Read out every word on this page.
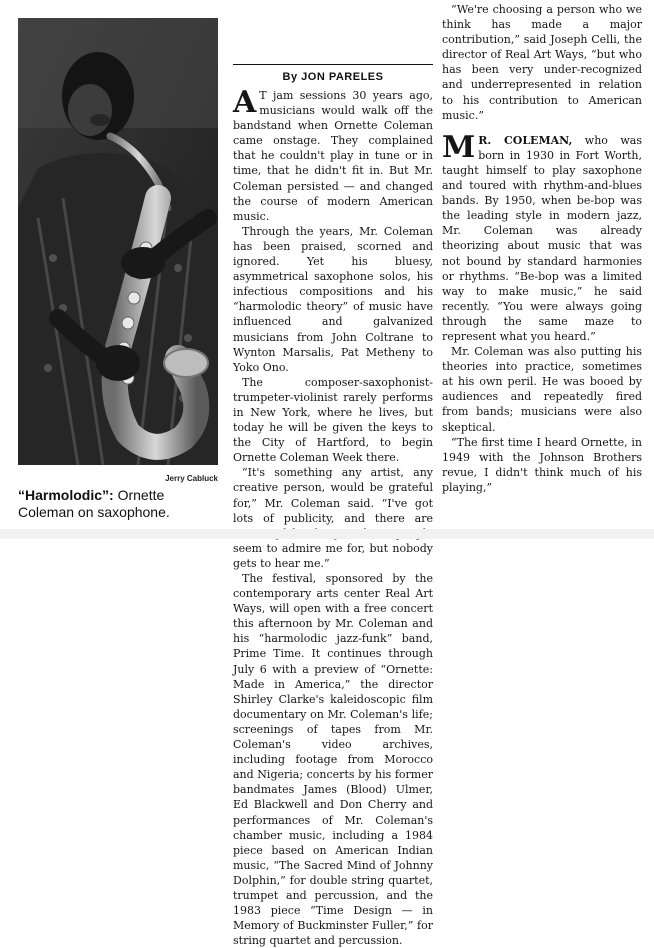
Jerry Cabluck
“Harmolodic”: Ornette Coleman on saxophone.
By JON PARELES

A T jam sessions 30 years ago, musicians would walk off the bandstand when Ornette Coleman came onstage. They complained that he couldn't play in tune or in time, that he didn't fit in. But Mr. Coleman persisted — and changed the course of modern American music.

Through the years, Mr. Coleman has been praised, scorned and ignored. Yet his bluesy, asymmetrical saxophone solos, his infectious compositions and his “harmolodic theory” of music have influenced and galvanized musicians from John Coltrane to Wynton Marsalis, Pat Metheny to Yoko Ono.

The composer-saxophonist-trumpeter-violinist rarely performs in New York, where he lives, but today he will be given the keys to the City of Hartford, to begin Ornette Coleman Week there.

“It's something any artist, any creative person, would be grateful for,” Mr. Coleman said. “I've got lots of publicity, and there are seem to admire me for, but nobody gets to hear me.”

The festival, sponsored by the contemporary arts center Real Art Ways, will open with a free concert this afternoon by Mr. Coleman and his “harmolodic jazz-funk” band, Prime Time. It continues through July 6 with a preview of “Ornette: Made in America,” the director Shirley Clarke's kaleidoscopic film documentary on Mr. Coleman's life; screenings of tapes from Mr. Coleman's video archives, including footage from Morocco and Nigeria; concerts by his former bandmates James (Blood) Ulmer, Ed Blackwell and Don Cherry and performances of Mr. Coleman's chamber music, including a 1984 piece based on American Indian music, “The Sacred Mind of Johnny Dolphin,” for double string quartet, trumpet and percussion, and the 1983 piece “Time Design — in Memory of Buckminster Fuller,” for string quartet and percussion.

“We're choosing a person who we think has made a major contribution,” said Joseph Celli, the director of Real Art Ways, “but who has been very under-recognized and underrepresented in relation to his contribution to American music.”

M R. COLEMAN, who was born in 1930 in Fort Worth, taught himself to play saxophone and toured with rhythm-and-blues bands. By 1950, when be-bop was the leading style in modern jazz, Mr. Coleman was already theorizing about music that was not bound by standard harmonies or rhythms. “Be-bop was a limited way to make music,” he said recently. “You were always going through the same maze to represent what you heard.”

Mr. Coleman was also putting his theories into practice, sometimes at his own peril. He was booed by audiences and repeatedly fired from bands; musicians were also skeptical.

“The first time I heard Ornette, in 1949 with the Johnson Brothers revue, I didn't think much of his playing,”
